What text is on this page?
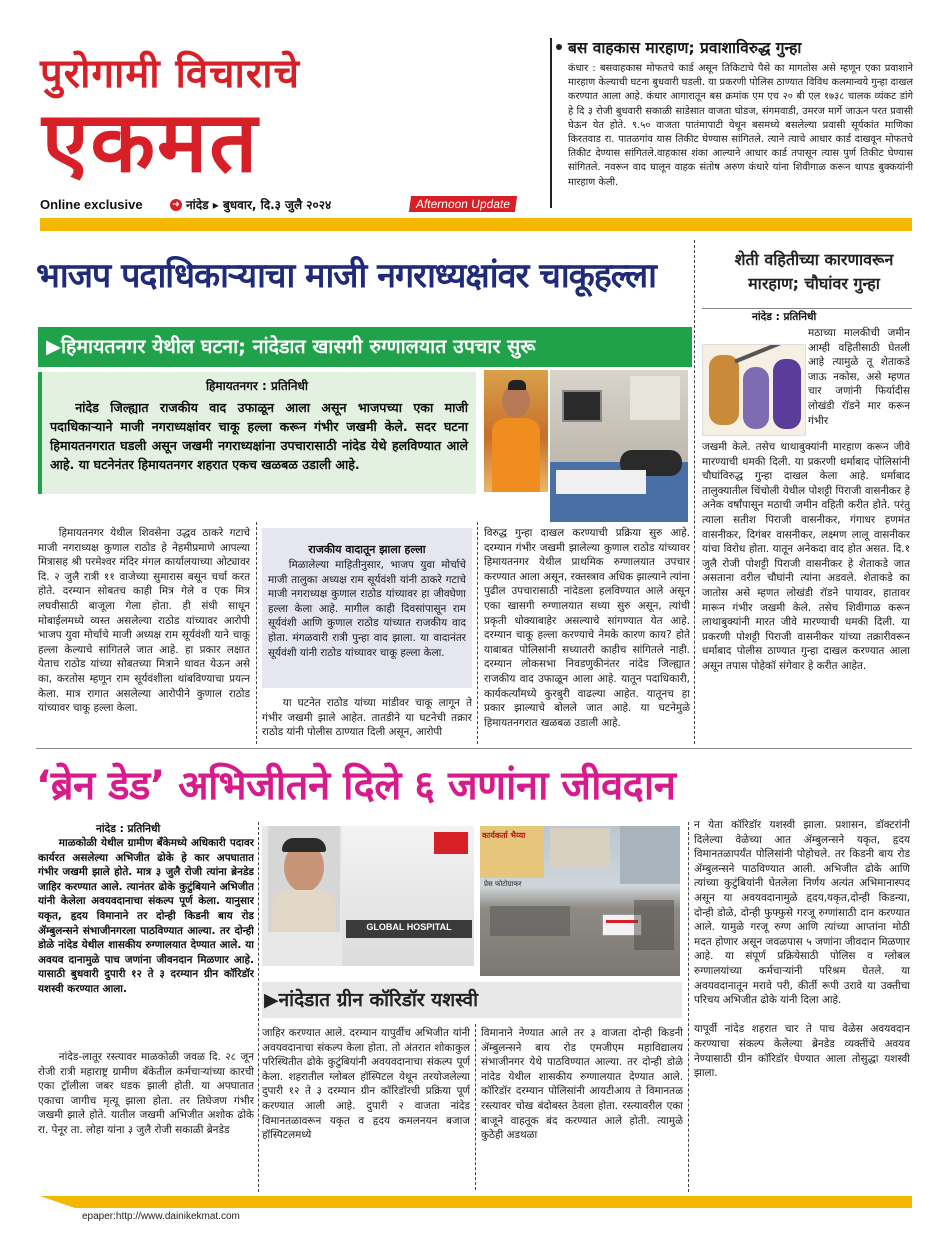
पुरोगामी विचाराचे
एकमत
Online exclusive	➜ नांदेड ▸ बुधवार, दि.३ जुलै २०२४	Afternoon Update
बस वाहकास मारहाण; प्रवाशाविरुद्ध गुन्हा
कंधार : बसवाहकास मोफतचे कार्ड असून तिकिटाचे पैसे का मागतोस असे म्हणून एका प्रवाशाने मारहाण केल्याची घटना बुधवारी घडली. या प्रकरणी पोलिस ठाण्यात विविध कलमान्वये गुन्हा दाखल करण्यात आला आहे. कंधार आगारातून बस क्रमांक एम एच २० बी एल १७३८ चालक व्यंकट डांगे हे दि ३ रोजी बुधवारी सकाळी साडेसात वाजता घोडज, संगमवाडी, उमरज मार्गे जाऊन परत प्रवासी घेऊन येत होते. ९.५० वाजता पातंमापाटी येथून बसमध्ये बसलेल्या प्रवासी सूर्यकांत माणिका किरतवाड रा. पातळगांव यास तिकीट घेण्यास सांगितले. त्याने त्याचे आधार कार्ड दाखवून मोफतचे तिकीट देण्यास सांगितले.वाहकास शंका आल्याने आधार कार्ड तपासून त्यास पुर्ण तिकीट घेण्यास सांगितले. नवरून वाद घालून वाहक संतोष अरुण कंधारे यांना शिवीगाळ करून थापड बुक्कयांनी मारहाण केली.
भाजप पदाधिकाऱ्याचा माजी नगराध्यक्षांवर चाकूहल्ला
▶हिमायतनगर येथील घटना; नांदेडात खासगी रुग्णालयात उपचार सुरू
हिमायतनगर : प्रतिनिधी
नांदेड जिल्ह्यात राजकीय वाद उफाळून आला असून भाजपच्या एका माजी पदाधिकाऱ्याने माजी नगराध्यक्षांवर चाकू हल्ला करून गंभीर जखमी केले. सदर घटना हिमायतनगरात घडली असून जखमी नगराध्यक्षांना उपचारासाठी नांदेड येथे हलविण्यात आले आहे. या घटनेनंतर हिमायतनगर शहरात एकच खळबळ उडाली आहे.
हिमायतनगर येथील शिवसेना उद्धव ठाकरे गटाचे माजी नगराध्यक्ष कुणाल राठोड हे नेहमीप्रमाणे आपल्या मित्रासह श्री परमेश्वर मंदिर मंगल कार्यालयाच्या ओट्यावर दि. २ जुलै रात्री ११ वाजेच्या सुमारास बसून चर्चा करत होते. दरम्यान सोबतच काही मित्र गेले व एक मित्र लघवीसाठी बाजूला गेला होता. ही संधी साधून मोबाईलमध्ये व्यस्त असलेल्या राठोड यांच्यावर आरोपी भाजप युवा मोर्चाचे माजी अध्यक्ष राम सूर्यवंशी याने चाकू हल्ला केल्याचे सांगितले जात आहे. हा प्रकार लक्षात येताच राठोड यांच्या सोबतच्या मित्राने धावत येऊन असे का, करतोस म्हणून राम सूर्यवंशीला थांबविण्याचा प्रयत्न केला. मात्र रागात असलेल्या आरोपीने कुणाल राठोड यांच्यावर चाकू हल्ला केला.
राजकीय वादातून झाला हल्ला
मिळालेल्या माहितीनुसार, भाजप युवा मोर्चाचे माजी तालुका अध्यक्ष राम सूर्यवंशी यांनी ठाकरे गटाचे माजी नगराध्यक्ष कुणाल राठोड यांच्यावर हा जीवघेणा हल्ला केला आहे. मागील काही दिवसांपासून राम सूर्यवंशी आणि कुणाल राठोड यांच्यात राजकीय वाद होता. मंगळवारी रात्री पुन्हा वाद झाला. या वादानंतर सूर्यवंशी यांनी राठोड यांच्यावर चाकू हल्ला केला.
या घटनेत राठोड यांच्या मांडीवर चाकू लागून ते गंभीर जखमी झाले आहेत. तातडीने या घटनेची तक्रार राठोड यांनी पोलीस ठाण्यात दिली असून, आरोपी
विरुद्ध गुन्हा दाखल करण्याची प्रक्रिया सुरु आहे. दरम्यान गंभीर जखमी झालेल्या कुणाल राठोड यांच्यावर हिमायतनगर येथील प्राथमिक रुग्णालयात उपचार करण्यात आला असून, रक्तस्त्राव अधिक झाल्याने त्यांना पुढील उपचारासाठी नांदेडला हलविण्यात आले असून एका खासगी रुग्णालयात सध्या सुरु असून, त्यांची प्रकृती धोक्याबाहेर असल्याचे सांगण्यात येत आहे. दरम्यान चाकू हल्ला करण्याचे नेमके कारण काय? होते याबाबत पोलिसांनी सध्यातरी काहीच सांगितले नाही. दरम्यान लोकसभा निवडणुकीनंतर नांदेड जिल्ह्यात राजकीय वाद उफाळून आला आहे. यातून पदाधिकारी, कार्यकर्त्यांमध्ये कुरबुरी वाढल्या आहेत. यातूनच हा प्रकार झाल्याचे बोलले जात आहे. या घटनेमुळे हिमायतनगरात खळबळ उडाली आहे.
शेती वहितीच्या कारणावरून मारहाण; चौघांवर गुन्हा
नांदेड : प्रतिनिधी
मठाच्या मालकीची जमीन आम्ही वहितीसाठी घेतली आहे त्यामुळे तू शेताकडे जाऊ नकोस, असे म्हणत चार जणांनी फिर्यादीस लोखंडी रॉडने मार करून गंभीर
जखमी केले. तसेच थाथाबुक्यांनी मारहाण करून जीवे मारण्याची धमकी दिली. या प्रकरणी धर्माबाद पोलिसांनी चौघांविरुद्ध गुन्हा दाखल केला आहे. धर्माबाद तालुक्यातील चिंचोली येथील पोशट्टी पिराजी वासनीकर हे अनेक वर्षांपासून मठाची जमीन वहिती करीत होते. परंतु त्याला सतीश पिराजी वासनीकर, गंगाधर हणमंत वासनीकर, दिगंबर वासनीकर, लक्ष्मण लालू वासनीकर यांचा विरोध होता. यातून अनेकदा वाद होत असत. दि.१ जुलै रोजी पोशट्टी पिराजी वासनीकर हे शेताकडे जात असताना वरील चौघांनी त्यांना अडवले. शेताकडे का जातोस असे म्हणत लोखंडी रॉडने पायावर, हातावर मारून गंभीर जखमी केले. तसेच शिवीगाळ करून लाथाबुक्यांनी मारत जीवे मारण्याची धमकी दिली. या प्रकरणी पोशट्टी पिराजी वासनीकर यांच्या तक्रारीवरून धर्माबाद पोलीस ठाण्यात गुन्हा दाखल करण्यात आला असून तपास पोहेकॉ संगेवार हे करीत आहेत.
‘ब्रेन डेड’ अभिजीतने दिले ६ जणांना जीवदान
नांदेड : प्रतिनिधी
माळकोळी येथील ग्रामीण बँकेमध्ये अधिकारी पदावर कार्यरत असलेल्या अभिजीत ढोके हे कार अपघातात गंभीर जखमी झाले होते. मात्र ३ जुलै रोजी त्यांना ब्रेनडेड जाहिर करण्यात आले. त्यानंतर ढोके कुटुंबियाने अभिजीत यांनी केलेला अवयवदानाचा संकल्प पूर्ण केला. यानुसार यकृत, हृदय विमानाने तर दोन्ही किडनी बाय रोड ॲम्बुलन्सने संभाजीनगरला पाठविण्यात आल्या. तर दोन्ही डोळे नांदेड येथील शासकीय रुग्णालयात देण्यात आले. या अवयव दानामुळे पाच जणांना जीवनदान मिळणार आहे. यासाठी बुधवारी दुपारी १२ ते ३ दरम्यान ग्रीन कॉरिडॉर यशस्वी करण्यात आला.
नांदेड-लातूर रस्त्यावर माळकोळी जवळ दि. २८ जून रोजी रात्री महाराष्ट्र ग्रामीण बँकेतील कर्मचाऱ्यांच्या कारची एका ट्रॉलीला जबर धडक झाली होती. या अपघातात एकाचा जागीच मृत्यू झाला होता. तर तिघेजण गंभीर जखमी झाले होते. यातील जखमी अभिजीत अशोक ढोके रा. पेनूर ता. लोहा यांना ३ जुलै रोजी सकाळी ब्रेनडेड
GLOBAL HOSPITAL
कार्यकर्ता भैय्या
प्रेस फोटोग्राफर
▶नांदेडात ग्रीन कॉरिडॉर यशस्वी
जाहिर करण्यात आले. दरम्यान यापुर्वीच अभिजीत यांनी अवयवदानाचा संकल्प केला होता. तो अंतरात शोकाकुल परिस्थितीत ढोके कुटुंबियांनी अवयवदानाचा संकल्प पूर्ण केला. शहरातील ग्लोबल हॉस्पिटल येथून तरयोजलेल्या दुपारी १२ ते ३ दरम्यान ग्रीन कॉरिडॉरची प्रक्रिया पूर्ण करण्यात आली आहे. दुपारी २ वाजता नांदेड विमानतळावरून यकृत व हृदय कमलनयन बजाज हॉस्पिटलमध्ये
विमानाने नेण्यात आले तर ३ वाजता दोन्ही किडनी ॲम्बुलन्सने बाय रोड एमजीएम महाविद्यालय संभाजीनगर येथे पाठविण्यात आल्या. तर दोन्ही डोळे नांदेड येथील शासकीय रुग्णालयात देण्यात आले. कॉरिडॉर दरम्यान पोलिसांनी आयटीआय ते विमानतळ रस्त्यावर चोख बंदोबस्त ठेवला होता. रस्त्यावरील एका बाजूने वाहतूक बंद करण्यात आले होती. त्यामुळे कुठेही अडथळा
न येता कॉरिडॉर यशस्वी झाला. प्रशासन, डॉक्टरांनी दिलेल्या वेळेच्या आत ॲम्बुलन्सने यकृत, हृदय विमानतळापर्यंत पोलिसांनी पोहोचले. तर किडनी बाय रोड ॲम्बुलन्सने पाठविण्यात आली. अभिजीत ढोके आणि त्यांच्या कुटुंबियांनी घेतलेला निर्णय अत्यंत अभिमानास्पद असून या अवयवदानामुळे हृदय,यकृत,दोन्ही किडन्या, दोन्ही डोळे, दोन्ही फुफ्फुसे गरजू रुग्णांसाठी दान करण्यात आले. यामुळे गरजू रुग्ण आणि त्यांच्या आप्तांना मोठी मदत होणार असून जवळपास ५ जणांना जीवदान मिळणार आहे. या संपूर्ण प्रक्रियेसाठी पोलिस व ग्लोबल रुग्णालयांच्या कर्मचाऱ्यांनी परिश्रम घेतले. या अवयवदानातून मरावे परी, कीर्ती रूपी उरावे या उक्तीचा परिचय अभिजीत ढोके यांनी दिला आहे.

यापूर्वी नांदेड शहरात चार ते पाच वेळेस अवयवदान करण्याचा संकल्प केलेल्या ब्रेनडेड व्यक्तींचे अवयव नेण्यासाठी ग्रीन कॉरिडॉर घेण्यात आला तोसुद्धा यशस्वी झाला.
epaper:http://www.dainikekmat.com
